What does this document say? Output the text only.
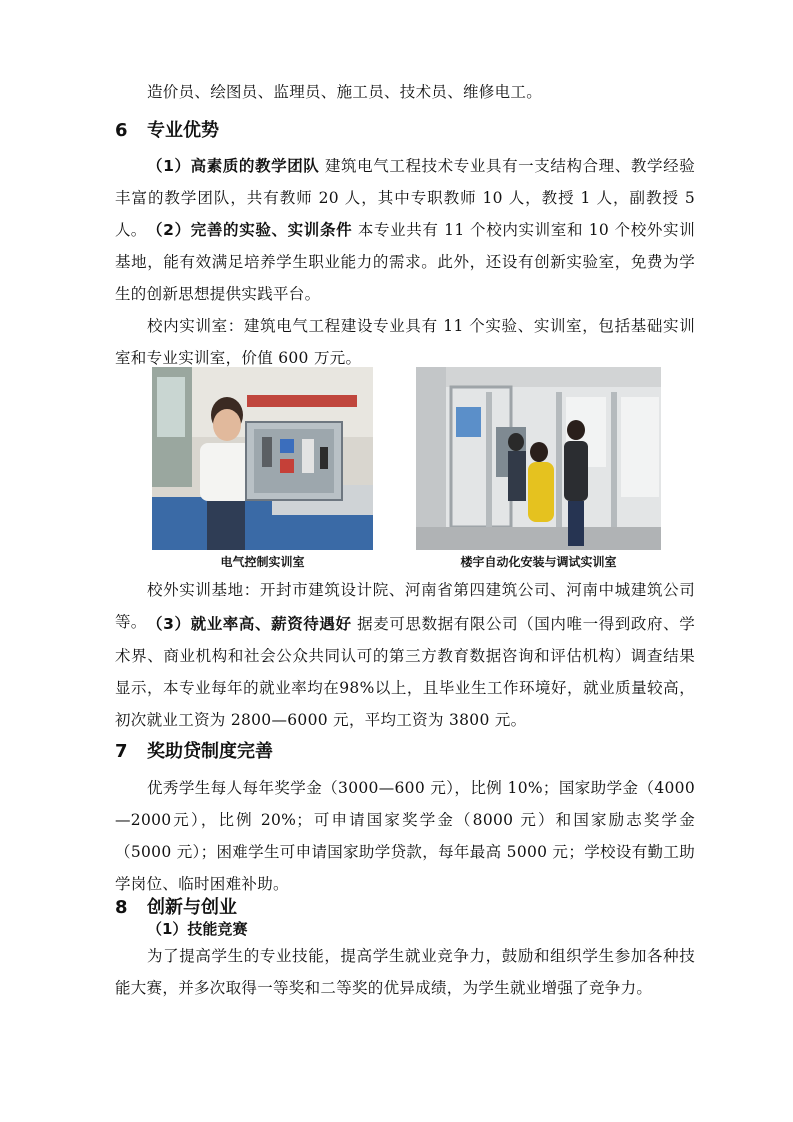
造价员、绘图员、监理员、施工员、技术员、维修电工。

6 专业优势

（1）高素质的教学团队 建筑电气工程技术专业具有一支结构合理、教学经验丰富的教学团队，共有教师 20 人，其中专职教师 10 人，教授 1 人，副教授 5 人。 （2）完善的实验、实训条件 本专业共有 11 个校内实训室和 10 个校外实训基地，能有效满足培养学生职业能力的需求。此外，还设有创新实验室，免费为学生的创新思想提供实践平台。

校内实训室：建筑电气工程建设专业具有 11 个实验、实训室，包括基础实训室和专业实训室，价值 600 万元。

电气控制实训室	楼宇自动化安装与调试实训室

校外实训基地：开封市建筑设计院、河南省第四建筑公司、河南中城建筑公司等。 （3）就业率高、薪资待遇好 据麦可思数据有限公司（国内唯一得到政府、学术界、商业机构和社会公众共同认可的第三方教育数据咨询和评估机构）调查结果显示，本专业每年的就业率均在98%以上，且毕业生工作环境好，就业质量较高，初次就业工资为 2800—6000 元，平均工资为 3800 元。

7 奖助贷制度完善

优秀学生每人每年奖学金（3000—600 元），比例 10%；国家助学金（4000—2000元），比例 20%；可申请国家奖学金（8000 元）和国家励志奖学金（5000 元）；困难学生可申请国家助学贷款，每年最高 5000 元；学校设有勤工助学岗位、临时困难补助。

8 创新与创业
（1）技能竞赛

为了提高学生的专业技能，提高学生就业竞争力，鼓励和组织学生参加各种技能大赛，并多次取得一等奖和二等奖的优异成绩，为学生就业增强了竞争力。
